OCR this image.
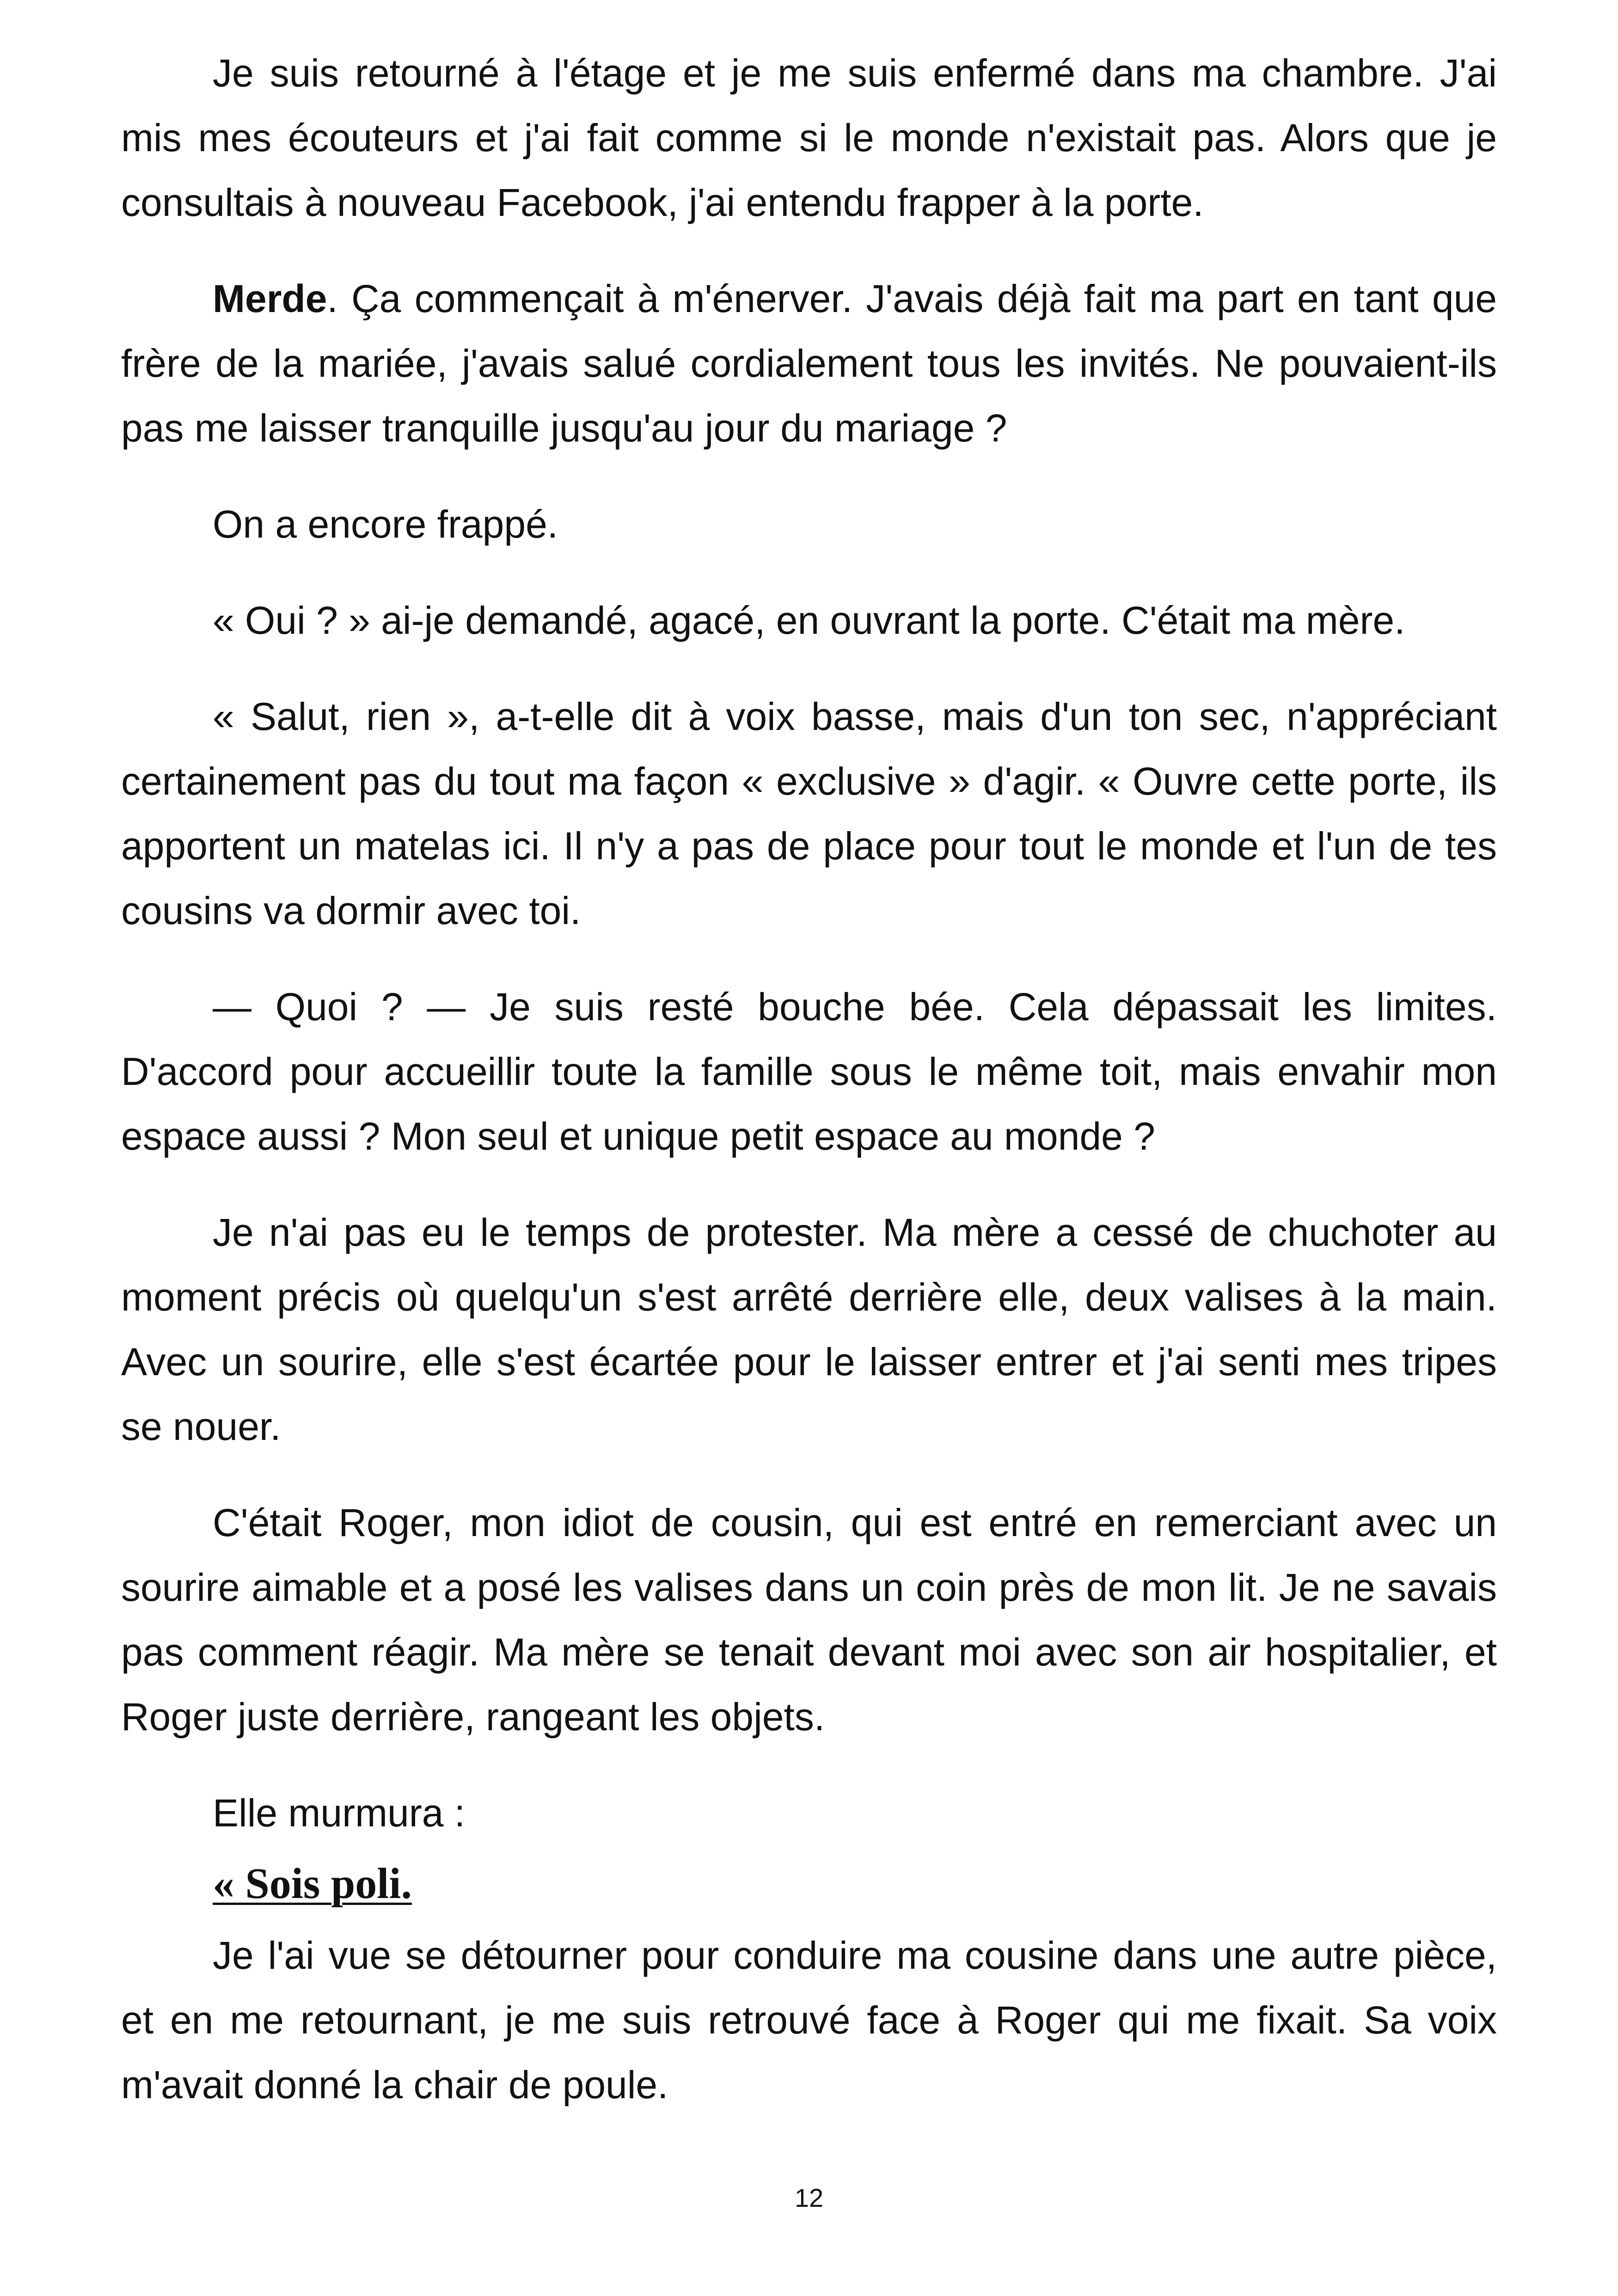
Je suis retourné à l'étage et je me suis enfermé dans ma chambre. J'ai mis mes écouteurs et j'ai fait comme si le monde n'existait pas. Alors que je consultais à nouveau Facebook, j'ai entendu frapper à la porte.

Merde. Ça commençait à m'énerver. J'avais déjà fait ma part en tant que frère de la mariée, j'avais salué cordialement tous les invités. Ne pouvaient-ils pas me laisser tranquille jusqu'au jour du mariage ?

On a encore frappé.

« Oui ? » ai-je demandé, agacé, en ouvrant la porte. C'était ma mère.

« Salut, rien », a-t-elle dit à voix basse, mais d'un ton sec, n'appréciant certainement pas du tout ma façon « exclusive » d'agir. « Ouvre cette porte, ils apportent un matelas ici. Il n'y a pas de place pour tout le monde et l'un de tes cousins va dormir avec toi.

— Quoi ? — Je suis resté bouche bée. Cela dépassait les limites. D'accord pour accueillir toute la famille sous le même toit, mais envahir mon espace aussi ? Mon seul et unique petit espace au monde ?

Je n'ai pas eu le temps de protester. Ma mère a cessé de chuchoter au moment précis où quelqu'un s'est arrêté derrière elle, deux valises à la main. Avec un sourire, elle s'est écartée pour le laisser entrer et j'ai senti mes tripes se nouer.

C'était Roger, mon idiot de cousin, qui est entré en remerciant avec un sourire aimable et a posé les valises dans un coin près de mon lit. Je ne savais pas comment réagir. Ma mère se tenait devant moi avec son air hospitalier, et Roger juste derrière, rangeant les objets.

Elle murmura :

« Sois poli.

Je l'ai vue se détourner pour conduire ma cousine dans une autre pièce, et en me retournant, je me suis retrouvé face à Roger qui me fixait. Sa voix m'avait donné la chair de poule.

12
